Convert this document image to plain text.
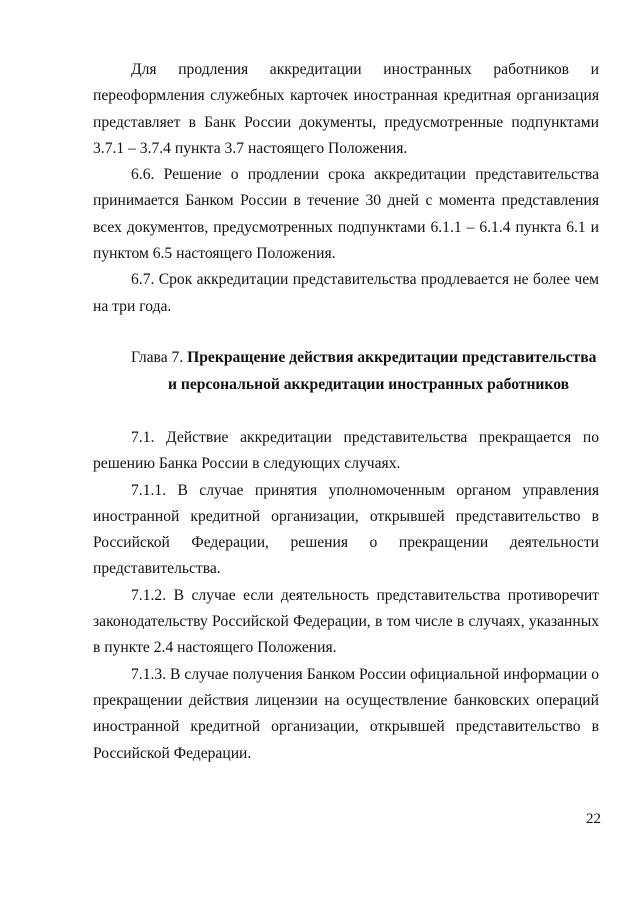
Для продления аккредитации иностранных работников и переоформления служебных карточек иностранная кредитная организация представляет в Банк России документы, предусмотренные подпунктами 3.7.1 – 3.7.4 пункта 3.7 настоящего Положения.

6.6. Решение о продлении срока аккредитации представительства принимается Банком России в течение 30 дней с момента представления всех документов, предусмотренных подпунктами 6.1.1 – 6.1.4 пункта 6.1 и пунктом 6.5 настоящего Положения.

6.7. Срок аккредитации представительства продлевается не более чем на три года.

Глава 7. Прекращение действия аккредитации представительства
и персональной аккредитации иностранных работников

7.1. Действие аккредитации представительства прекращается по решению Банка России в следующих случаях.

7.1.1. В случае принятия уполномоченным органом управления иностранной кредитной организации, открывшей представительство в Российской Федерации, решения о прекращении деятельности представительства.

7.1.2. В случае если деятельность представительства противоречит законодательству Российской Федерации, в том числе в случаях, указанных в пункте 2.4 настоящего Положения.

7.1.3. В случае получения Банком России официальной информации о прекращении действия лицензии на осуществление банковских операций иностранной кредитной организации, открывшей представительство в Российской Федерации.

22
